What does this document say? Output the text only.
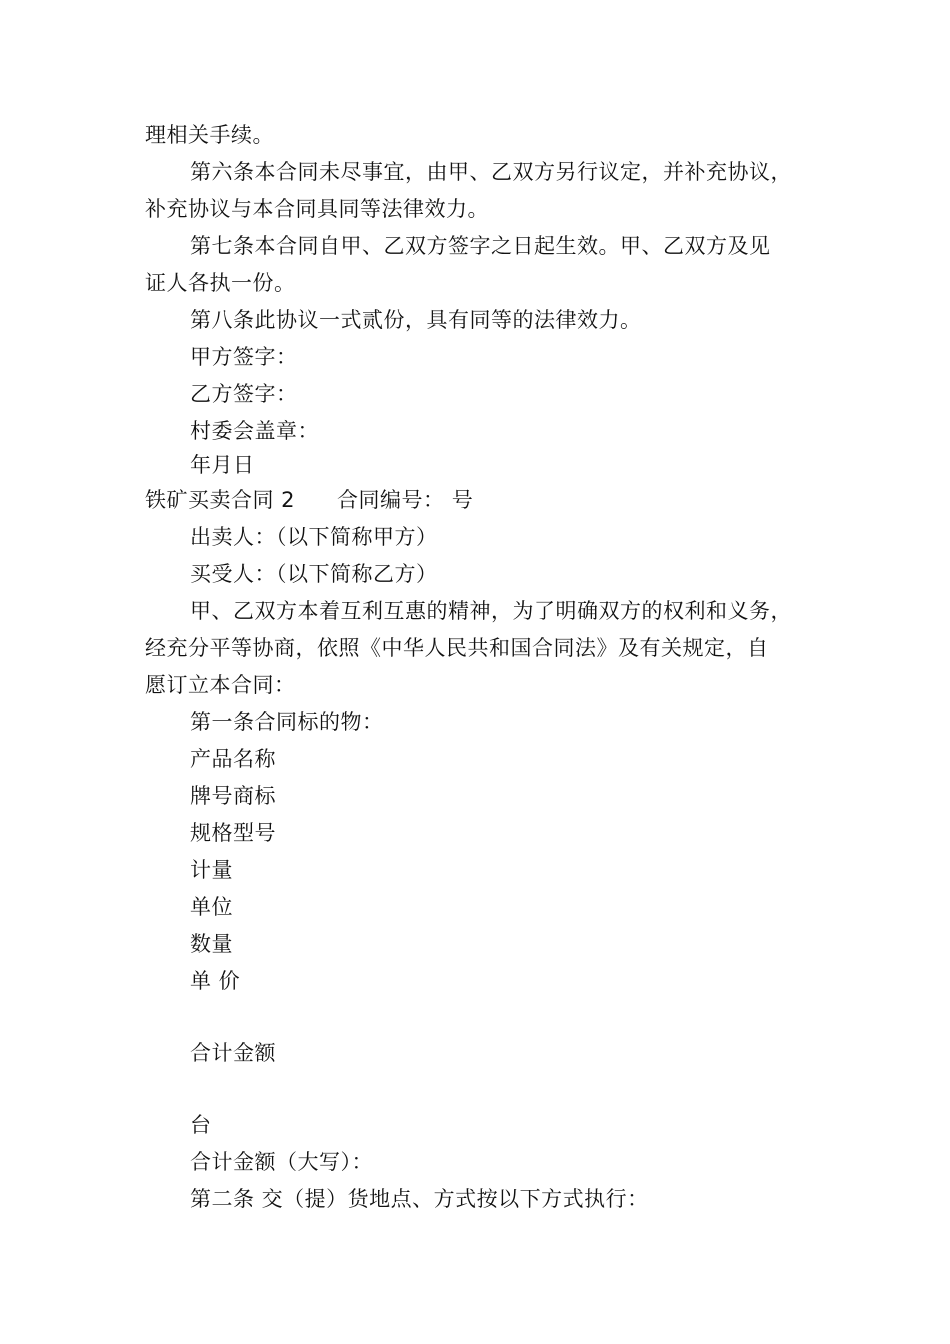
理相关手续。
第六条本合同未尽事宜，由甲、乙双方另行议定，并补充协议，
补充协议与本合同具同等法律效力。
第七条本合同自甲、乙双方签字之日起生效。甲、乙双方及见
证人各执一份。
第八条此协议一式贰份，具有同等的法律效力。
甲方签字：
乙方签字：
村委会盖章：
年月日
铁矿买卖合同 2 合同编号： 号
出卖人：（以下简称甲方）
买受人：（以下简称乙方）
甲、乙双方本着互利互惠的精神，为了明确双方的权利和义务，
经充分平等协商，依照《中华人民共和国合同法》及有关规定，自
愿订立本合同：
第一条合同标的物：
产品名称
牌号商标
规格型号
计量
单位
数量
单 价
合计金额
台
合计金额（大写）：
第二条 交（提）货地点、方式按以下方式执行：
